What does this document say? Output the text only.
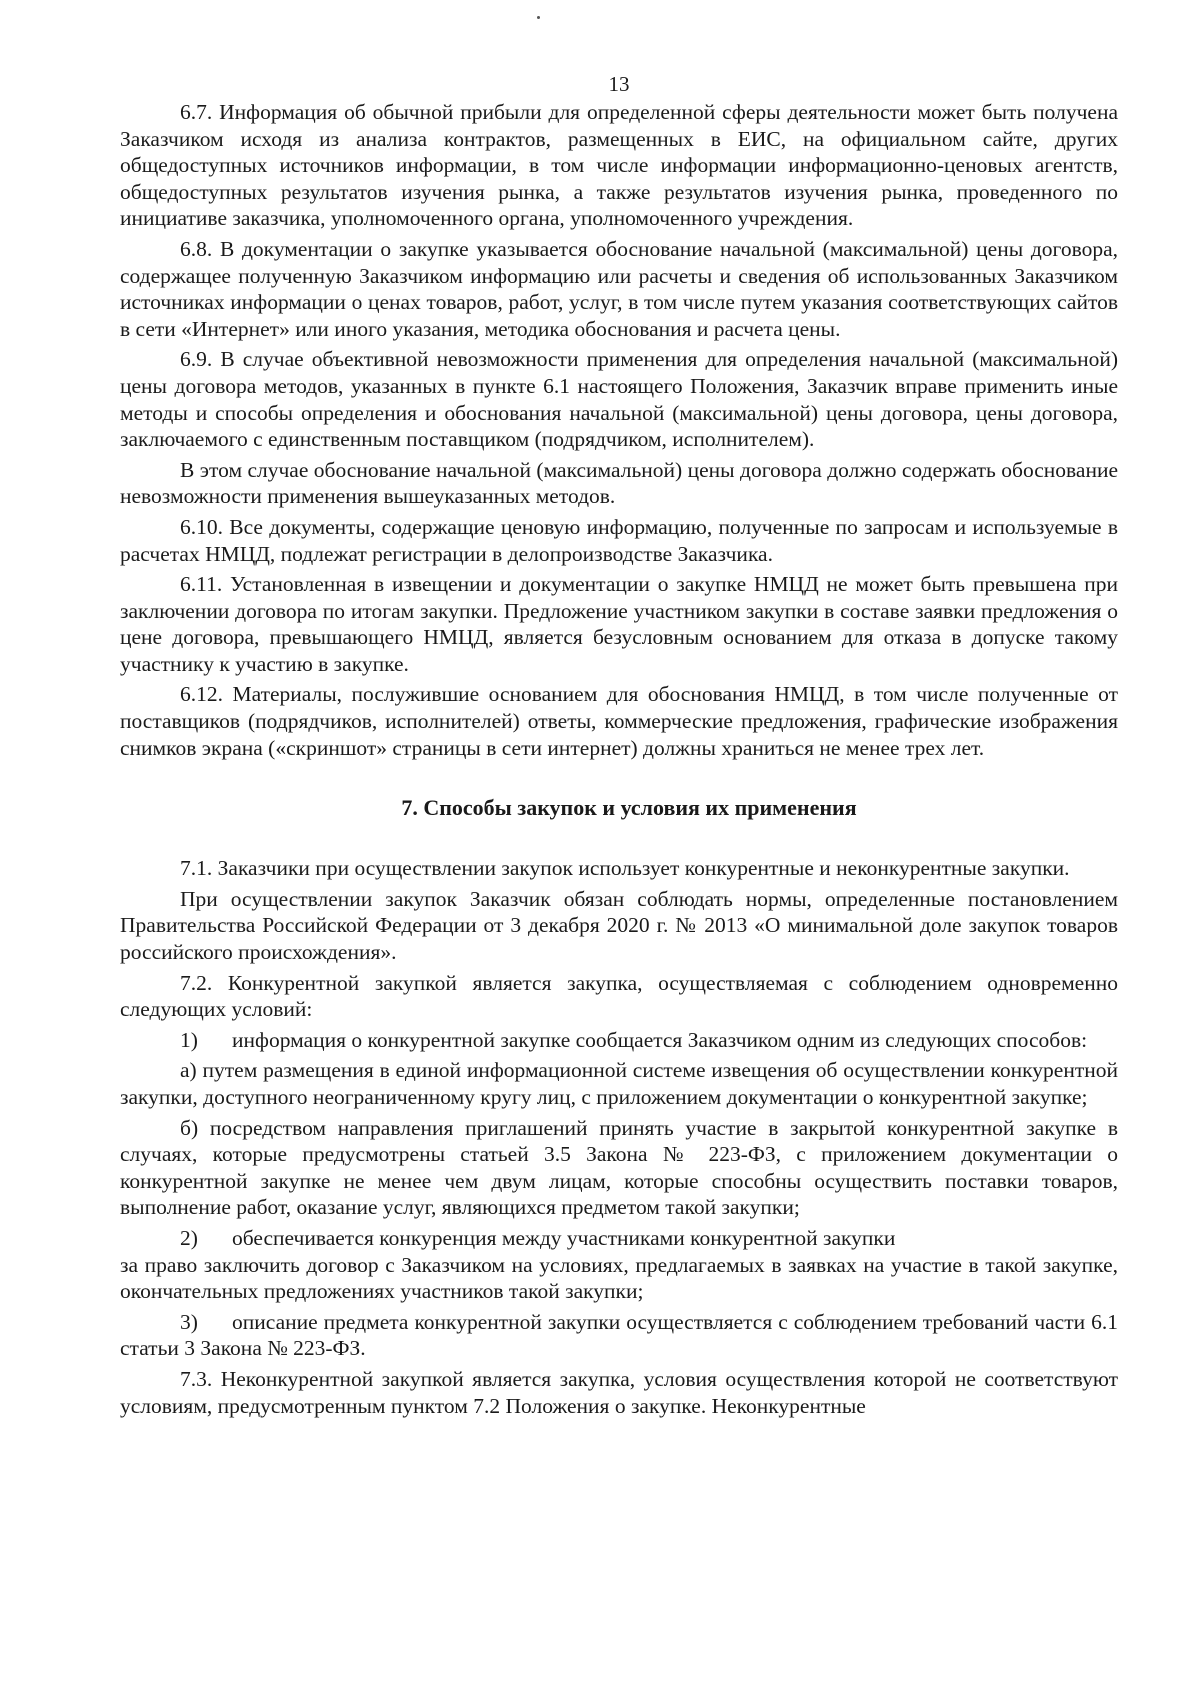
13

6.7. Информация об обычной прибыли для определенной сферы деятельности может быть получена Заказчиком исходя из анализа контрактов, размещенных в ЕИС, на официальном сайте, других общедоступных источников информации, в том числе информации информационно-ценовых агентств, общедоступных результатов изучения рынка, а также результатов изучения рынка, проведенного по инициативе заказчика, уполномоченного органа, уполномоченного учреждения.

6.8. В документации о закупке указывается обоснование начальной (максимальной) цены договора, содержащее полученную Заказчиком информацию или расчеты и сведения об использованных Заказчиком источниках информации о ценах товаров, работ, услуг, в том числе путем указания соответствующих сайтов в сети «Интернет» или иного указания, методика обоснования и расчета цены.

6.9. В случае объективной невозможности применения для определения начальной (максимальной) цены договора методов, указанных в пункте 6.1 настоящего Положения, Заказчик вправе применить иные методы и способы определения и обоснования начальной (максимальной) цены договора, цены договора, заключаемого с единственным поставщиком (подрядчиком, исполнителем).

В этом случае обоснование начальной (максимальной) цены договора должно содержать обоснование невозможности применения вышеуказанных методов.

6.10. Все документы, содержащие ценовую информацию, полученные по запросам и используемые в расчетах НМЦД, подлежат регистрации в делопроизводстве Заказчика.

6.11. Установленная в извещении и документации о закупке НМЦД не может быть превышена при заключении договора по итогам закупки. Предложение участником закупки в составе заявки предложения о цене договора, превышающего НМЦД, является безусловным основанием для отказа в допуске такому участнику к участию в закупке.

6.12. Материалы, послужившие основанием для обоснования НМЦД, в том числе полученные от поставщиков (подрядчиков, исполнителей) ответы, коммерческие предложения, графические изображения снимков экрана («скриншот» страницы в сети интернет) должны храниться не менее трех лет.

7. Способы закупок и условия их применения

7.1. Заказчики при осуществлении закупок использует конкурентные и неконкурентные закупки.

При осуществлении закупок Заказчик обязан соблюдать нормы, определенные постановлением Правительства Российской Федерации от 3 декабря 2020 г. № 2013 «О минимальной доле закупок товаров российского происхождения».

7.2. Конкурентной закупкой является закупка, осуществляемая с соблюдением одновременно следующих условий:

1) информация о конкурентной закупке сообщается Заказчиком одним из следующих способов:

а) путем размещения в единой информационной системе извещения об осуществлении конкурентной закупки, доступного неограниченному кругу лиц, с приложением документации о конкурентной закупке;

б) посредством направления приглашений принять участие в закрытой конкурентной закупке в случаях, которые предусмотрены статьей 3.5 Закона № 223-ФЗ, с приложением документации о конкурентной закупке не менее чем двум лицам, которые способны осуществить поставки товаров, выполнение работ, оказание услуг, являющихся предметом такой закупки;

2) обеспечивается конкуренция между участниками конкурентной закупки

за право заключить договор с Заказчиком на условиях, предлагаемых в заявках на участие в такой закупке, окончательных предложениях участников такой закупки;

3) описание предмета конкурентной закупки осуществляется с соблюдением требований части 6.1 статьи 3 Закона № 223-ФЗ.

7.3. Неконкурентной закупкой является закупка, условия осуществления которой не соответствуют условиям, предусмотренным пунктом 7.2 Положения о закупке. Неконкурентные
